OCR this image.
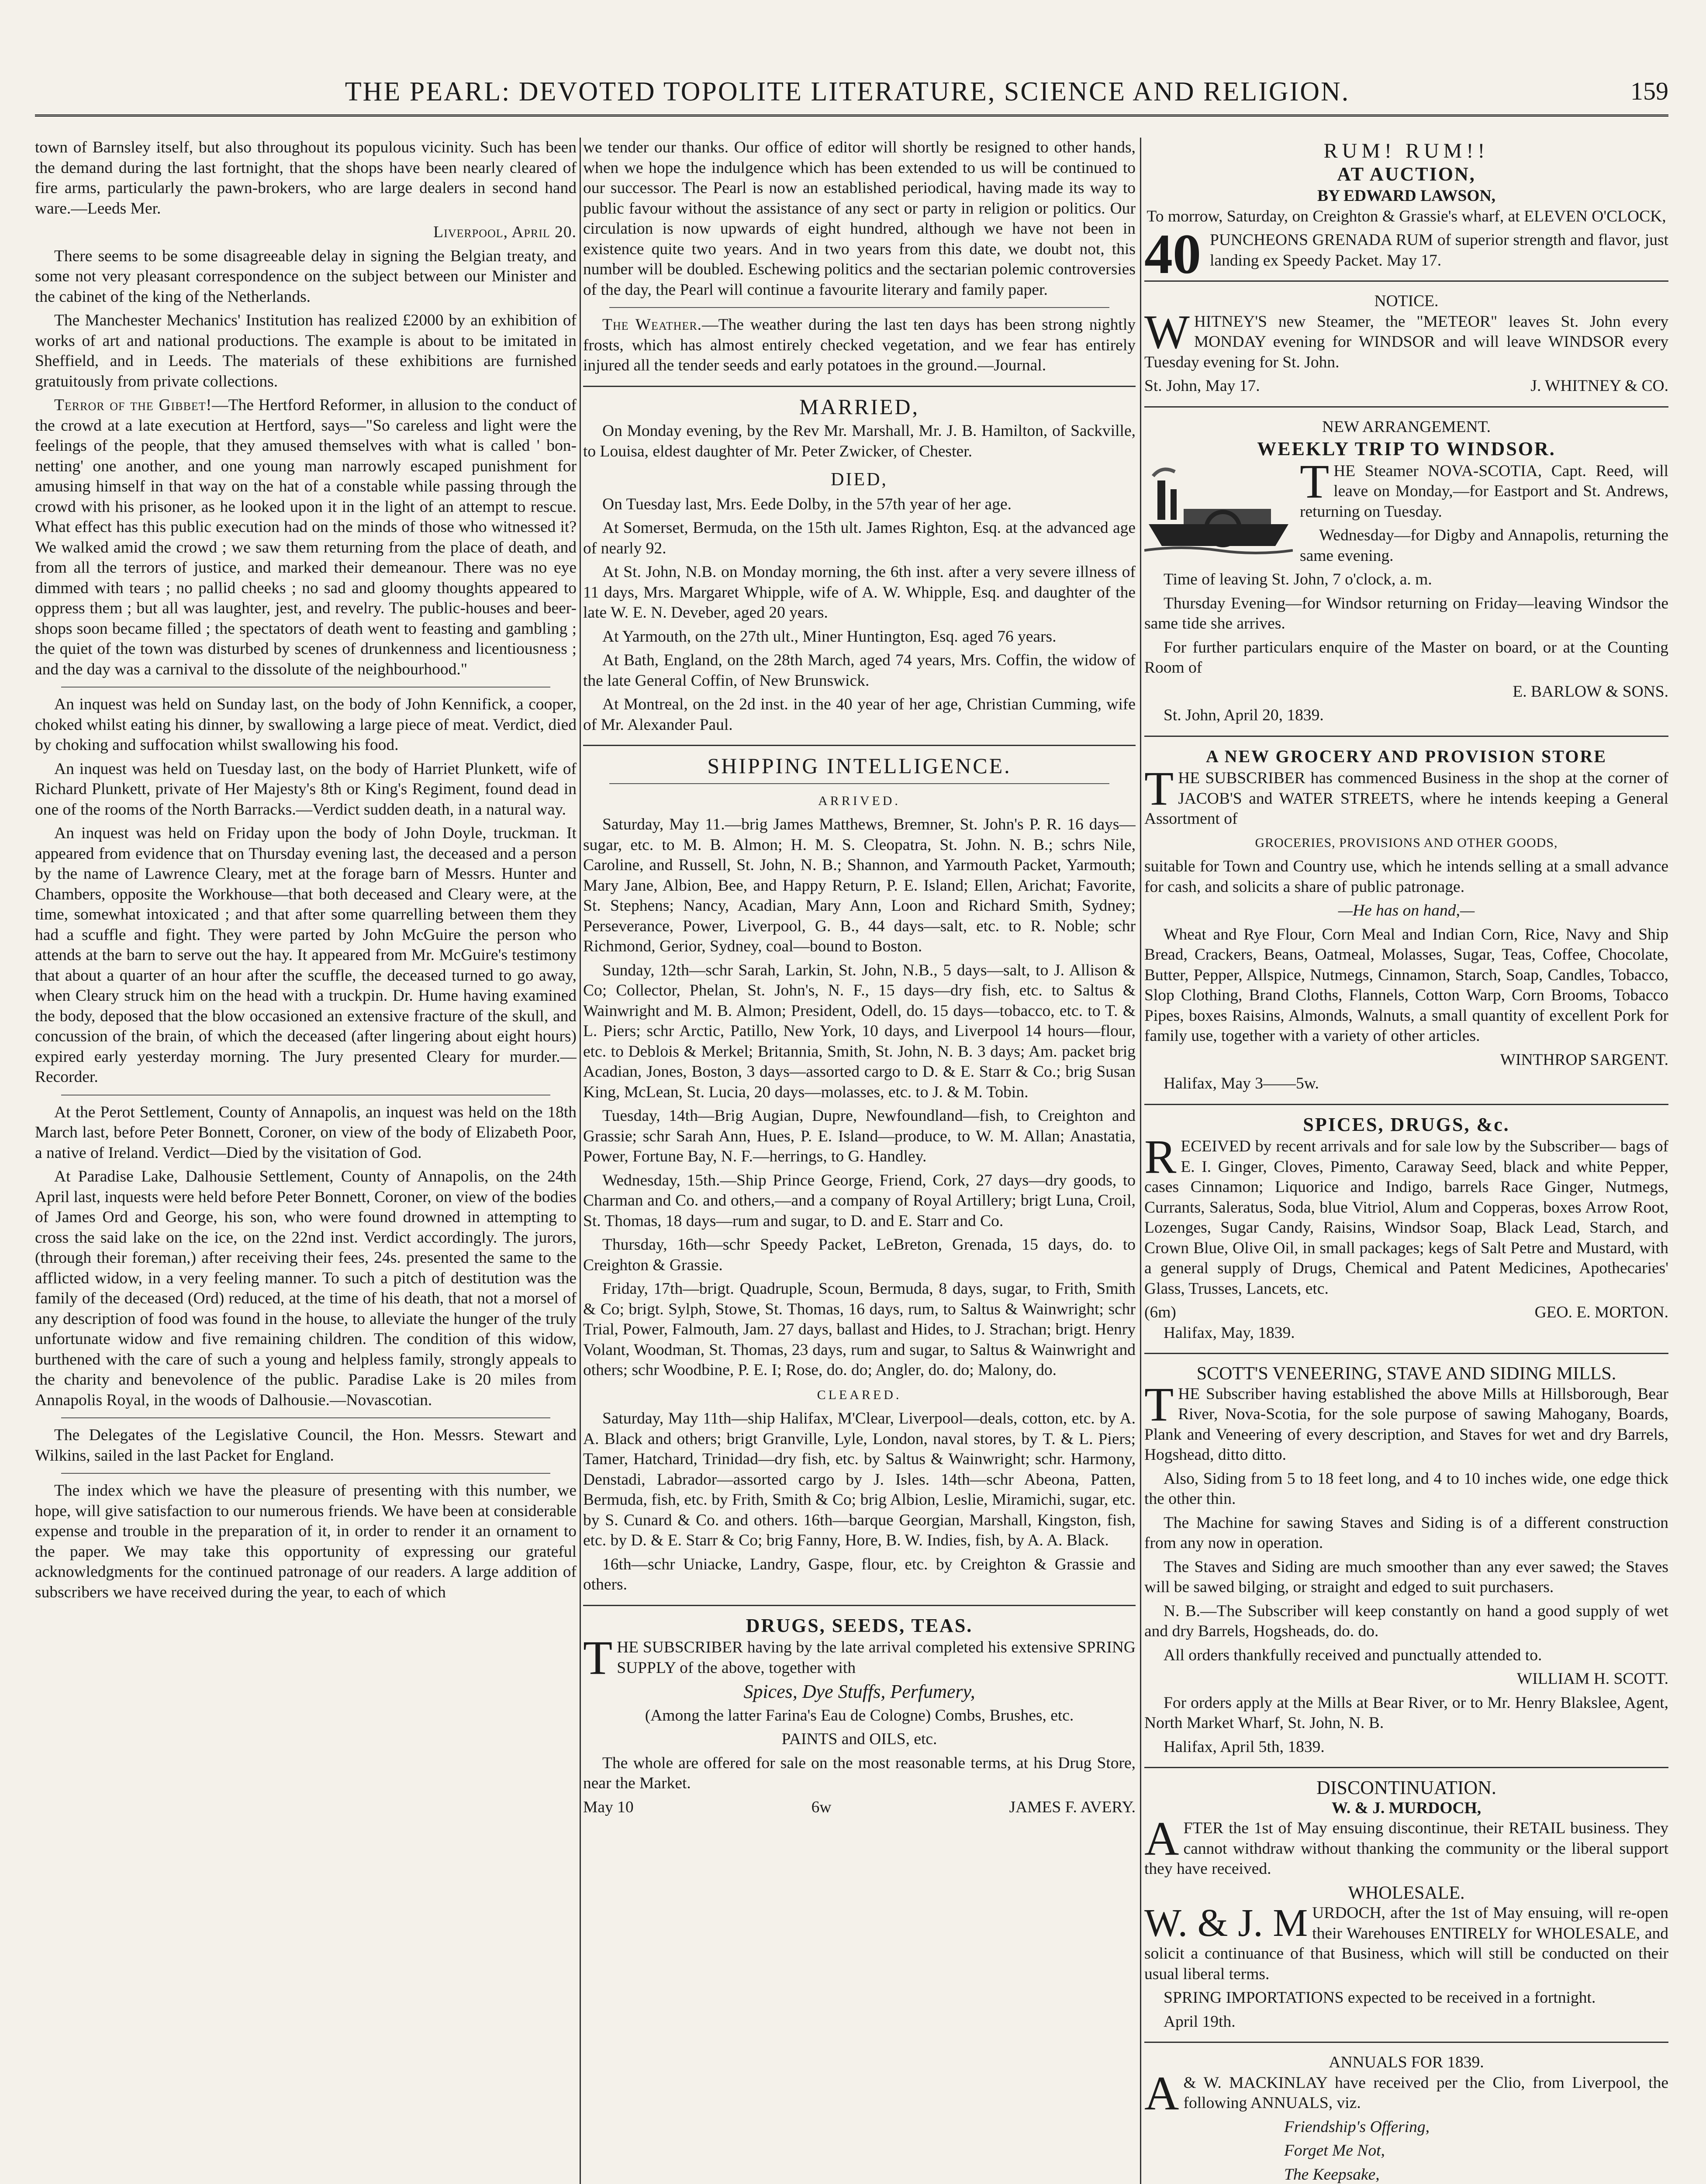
THE PEARL: DEVOTED TOPOLITE LITERATURE, SCIENCE AND RELIGION.	159

town of Barnsley itself, but also throughout its populous vicinity. Such has been the demand during the last fortnight, that the shops have been nearly cleared of fire arms, particularly the pawn-brokers, who are large dealers in second hand ware.—Leeds Mer.

Liverpool, April 20.

There seems to be some disagreeable delay in signing the Belgian treaty, and some not very pleasant correspondence on the subject between our Minister and the cabinet of the king of the Netherlands.

The Manchester Mechanics' Institution has realized £2000 by an exhibition of works of art and national productions. The example is about to be imitated in Sheffield, and in Leeds. The materials of these exhibitions are furnished gratuitously from private collections.

Terror of the Gibbet!—The Hertford Reformer, in allusion to the conduct of the crowd at a late execution at Hertford, says—"So careless and light were the feelings of the people, that they amused themselves with what is called ' bon-netting' one another, and one young man narrowly escaped punishment for amusing himself in that way on the hat of a constable while passing through the crowd with his prisoner, as he looked upon it in the light of an attempt to rescue. What effect has this public execution had on the minds of those who witnessed it? We walked amid the crowd ; we saw them returning from the place of death, and from all the terrors of justice, and marked their demeanour. There was no eye dimmed with tears ; no pallid cheeks ; no sad and gloomy thoughts appeared to oppress them ; but all was laughter, jest, and revelry. The public-houses and beer-shops soon became filled ; the spectators of death went to feasting and gambling ; the quiet of the town was disturbed by scenes of drunkenness and licentiousness ; and the day was a carnival to the dissolute of the neighbourhood."

An inquest was held on Sunday last, on the body of John Kennifick, a cooper, choked whilst eating his dinner, by swallowing a large piece of meat. Verdict, died by choking and suffocation whilst swallowing his food.

An inquest was held on Tuesday last, on the body of Harriet Plunkett, wife of Richard Plunkett, private of Her Majesty's 8th or King's Regiment, found dead in one of the rooms of the North Barracks.—Verdict sudden death, in a natural way.

An inquest was held on Friday upon the body of John Doyle, truckman. It appeared from evidence that on Thursday evening last, the deceased and a person by the name of Lawrence Cleary, met at the forage barn of Messrs. Hunter and Chambers, opposite the Workhouse—that both deceased and Cleary were, at the time, somewhat intoxicated ; and that after some quarrelling between them they had a scuffle and fight. They were parted by John McGuire the person who attends at the barn to serve out the hay. It appeared from Mr. McGuire's testimony that about a quarter of an hour after the scuffle, the deceased turned to go away, when Cleary struck him on the head with a truckpin. Dr. Hume having examined the body, deposed that the blow occasioned an extensive fracture of the skull, and concussion of the brain, of which the deceased (after lingering about eight hours) expired early yesterday morning. The Jury presented Cleary for murder.—Recorder.

At the Perot Settlement, County of Annapolis, an inquest was held on the 18th March last, before Peter Bonnett, Coroner, on view of the body of Elizabeth Poor, a native of Ireland. Verdict—Died by the visitation of God.

At Paradise Lake, Dalhousie Settlement, County of Annapolis, on the 24th April last, inquests were held before Peter Bonnett, Coroner, on view of the bodies of James Ord and George, his son, who were found drowned in attempting to cross the said lake on the ice, on the 22nd inst. Verdict accordingly. The jurors, (through their foreman,) after receiving their fees, 24s. presented the same to the afflicted widow, in a very feeling manner. To such a pitch of destitution was the family of the deceased (Ord) reduced, at the time of his death, that not a morsel of any description of food was found in the house, to alleviate the hunger of the truly unfortunate widow and five remaining children. The condition of this widow, burthened with the care of such a young and helpless family, strongly appeals to the charity and benevolence of the public. Paradise Lake is 20 miles from Annapolis Royal, in the woods of Dalhousie.—Novascotian.

The Delegates of the Legislative Council, the Hon. Messrs. Stewart and Wilkins, sailed in the last Packet for England.

The index which we have the pleasure of presenting with this number, we hope, will give satisfaction to our numerous friends. We have been at considerable expense and trouble in the preparation of it, in order to render it an ornament to the paper. We may take this opportunity of expressing our grateful acknowledgments for the continued patronage of our readers. A large addition of subscribers we have received during the year, to each of which

we tender our thanks. Our office of editor will shortly be resigned to other hands, when we hope the indulgence which has been extended to us will be continued to our successor. The Pearl is now an established periodical, having made its way to public favour without the assistance of any sect or party in religion or politics. Our circulation is now upwards of eight hundred, although we have not been in existence quite two years. And in two years from this date, we doubt not, this number will be doubled. Eschewing politics and the sectarian polemic controversies of the day, the Pearl will continue a favourite literary and family paper.

The Weather.—The weather during the last ten days has been strong nightly frosts, which has almost entirely checked vegetation, and we fear has entirely injured all the tender seeds and early potatoes in the ground.—Journal.

MARRIED,

On Monday evening, by the Rev Mr. Marshall, Mr. J. B. Hamilton, of Sackville, to Louisa, eldest daughter of Mr. Peter Zwicker, of Chester.

DIED,

On Tuesday last, Mrs. Eede Dolby, in the 57th year of her age.

At Somerset, Bermuda, on the 15th ult. James Righton, Esq. at the advanced age of nearly 92.

At St. John, N.B. on Monday morning, the 6th inst. after a very severe illness of 11 days, Mrs. Margaret Whipple, wife of A. W. Whipple, Esq. and daughter of the late W. E. N. Deveber, aged 20 years.

At Yarmouth, on the 27th ult., Miner Huntington, Esq. aged 76 years.

At Bath, England, on the 28th March, aged 74 years, Mrs. Coffin, the widow of the late General Coffin, of New Brunswick.

At Montreal, on the 2d inst. in the 40 year of her age, Christian Cumming, wife of Mr. Alexander Paul.

SHIPPING INTELLIGENCE.
ARRIVED.

Saturday, May 11.—brig James Matthews, Bremner, St. John's P. R. 16 days—sugar, etc. to M. B. Almon; H. M. S. Cleopatra, St. John. N. B.; schrs Nile, Caroline, and Russell, St. John, N. B.; Shannon, and Yarmouth Packet, Yarmouth; Mary Jane, Albion, Bee, and Happy Return, P. E. Island; Ellen, Arichat; Favorite, St. Stephens; Nancy, Acadian, Mary Ann, Loon and Richard Smith, Sydney; Perseverance, Power, Liverpool, G. B., 44 days—salt, etc. to R. Noble; schr Richmond, Gerior, Sydney, coal—bound to Boston.

Sunday, 12th—schr Sarah, Larkin, St. John, N.B., 5 days—salt, to J. Allison & Co; Collector, Phelan, St. John's, N. F., 15 days—dry fish, etc. to Saltus & Wainwright and M. B. Almon; President, Odell, do. 15 days—tobacco, etc. to T. & L. Piers; schr Arctic, Patillo, New York, 10 days, and Liverpool 14 hours—flour, etc. to Deblois & Merkel; Britannia, Smith, St. John, N. B. 3 days; Am. packet brig Acadian, Jones, Boston, 3 days—assorted cargo to D. & E. Starr & Co.; brig Susan King, McLean, St. Lucia, 20 days—molasses, etc. to J. & M. Tobin.

Tuesday, 14th—Brig Augian, Dupre, Newfoundland—fish, to Creighton and Grassie; schr Sarah Ann, Hues, P. E. Island—produce, to W. M. Allan; Anastatia, Power, Fortune Bay, N. F.—herrings, to G. Handley.

Wednesday, 15th.—Ship Prince George, Friend, Cork, 27 days—dry goods, to Charman and Co. and others,—and a company of Royal Artillery; brigt Luna, Croil, St. Thomas, 18 days—rum and sugar, to D. and E. Starr and Co.

Thursday, 16th—schr Speedy Packet, LeBreton, Grenada, 15 days, do. to Creighton & Grassie.

Friday, 17th—brigt. Quadruple, Scoun, Bermuda, 8 days, sugar, to Frith, Smith & Co; brigt. Sylph, Stowe, St. Thomas, 16 days, rum, to Saltus & Wainwright; schr Trial, Power, Falmouth, Jam. 27 days, ballast and Hides, to J. Strachan; brigt. Henry Volant, Woodman, St. Thomas, 23 days, rum and sugar, to Saltus & Wainwright and others; schr Woodbine, P. E. I; Rose, do. do; Angler, do. do; Malony, do.

CLEARED.

Saturday, May 11th—ship Halifax, M'Clear, Liverpool—deals, cotton, etc. by A. A. Black and others; brigt Granville, Lyle, London, naval stores, by T. & L. Piers; Tamer, Hatchard, Trinidad—dry fish, etc. by Saltus & Wainwright; schr. Harmony, Denstadi, Labrador—assorted cargo by J. Isles. 14th—schr Abeona, Patten, Bermuda, fish, etc. by Frith, Smith & Co; brig Albion, Leslie, Miramichi, sugar, etc. by S. Cunard & Co. and others. 16th—barque Georgian, Marshall, Kingston, fish, etc. by D. & E. Starr & Co; brig Fanny, Hore, B. W. Indies, fish, by A. A. Black.

16th—schr Uniacke, Landry, Gaspe, flour, etc. by Creighton & Grassie and others.

DRUGS, SEEDS, TEAS.

THE SUBSCRIBER having by the late arrival completed his extensive SPRING SUPPLY of the above, together with

Spices, Dye Stuffs, Perfumery,

(Among the latter Farina's Eau de Cologne) Combs, Brushes, etc.

PAINTS and OILS, etc.

The whole are offered for sale on the most reasonable terms, at his Drug Store, near the Market.

May 10	6w	JAMES F. AVERY.
RUM! RUM!!
AT AUCTION,
BY EDWARD LAWSON,

To morrow, Saturday, on Creighton & Grassie's wharf, at ELEVEN O'CLOCK,

40 PUNCHEONS GRENADA RUM of superior strength and flavor, just landing ex Speedy Packet. May 17.

NOTICE.

WHITNEY'S new Steamer, the "METEOR" leaves St. John every MONDAY evening for WINDSOR and will leave WINDSOR every Tuesday evening for St. John.

St. John, May 17.	J. WHITNEY & CO.
NEW ARRANGEMENT.
WEEKLY TRIP TO WINDSOR.

THE Steamer NOVA-SCOTIA, Capt. Reed, will leave on Monday,—for Eastport and St. Andrews, returning on Tuesday.

Wednesday—for Digby and Annapolis, returning the same evening.

Time of leaving St. John, 7 o'clock, a. m.

Thursday Evening—for Windsor returning on Friday—leaving Windsor the same tide she arrives.

For further particulars enquire of the Master on board, or at the Counting Room of

E. BARLOW & SONS.

St. John, April 20, 1839.

A NEW GROCERY AND PROVISION STORE

THE SUBSCRIBER has commenced Business in the shop at the corner of JACOB'S and WATER STREETS, where he intends keeping a General Assortment of

GROCERIES, PROVISIONS AND OTHER GOODS,

suitable for Town and Country use, which he intends selling at a small advance for cash, and solicits a share of public patronage.

—He has on hand,—

Wheat and Rye Flour, Corn Meal and Indian Corn, Rice, Navy and Ship Bread, Crackers, Beans, Oatmeal, Molasses, Sugar, Teas, Coffee, Chocolate, Butter, Pepper, Allspice, Nutmegs, Cinnamon, Starch, Soap, Candles, Tobacco, Slop Clothing, Brand Cloths, Flannels, Cotton Warp, Corn Brooms, Tobacco Pipes, boxes Raisins, Almonds, Walnuts, a small quantity of excellent Pork for family use, together with a variety of other articles.

WINTHROP SARGENT.

Halifax, May 3——5w.

SPICES, DRUGS, &c.

RECEIVED by recent arrivals and for sale low by the Subscriber— bags of E. I. Ginger, Cloves, Pimento, Caraway Seed, black and white Pepper, cases Cinnamon; Liquorice and Indigo, barrels Race Ginger, Nutmegs, Currants, Saleratus, Soda, blue Vitriol, Alum and Copperas, boxes Arrow Root, Lozenges, Sugar Candy, Raisins, Windsor Soap, Black Lead, Starch, and Crown Blue, Olive Oil, in small packages; kegs of Salt Petre and Mustard, with a general supply of Drugs, Chemical and Patent Medicines, Apothecaries' Glass, Trusses, Lancets, etc.

(6m)	GEO. E. MORTON.

Halifax, May, 1839.

SCOTT'S VENEERING, STAVE AND SIDING MILLS.

THE Subscriber having established the above Mills at Hillsborough, Bear River, Nova-Scotia, for the sole purpose of sawing Mahogany, Boards, Plank and Veneering of every description, and Staves for wet and dry Barrels, Hogshead, ditto ditto.

Also, Siding from 5 to 18 feet long, and 4 to 10 inches wide, one edge thick the other thin.

The Machine for sawing Staves and Siding is of a different construction from any now in operation.

The Staves and Siding are much smoother than any ever sawed; the Staves will be sawed bilging, or straight and edged to suit purchasers.

N. B.—The Subscriber will keep constantly on hand a good supply of wet and dry Barrels, Hogsheads, do. do.

All orders thankfully received and punctually attended to.

WILLIAM H. SCOTT.

For orders apply at the Mills at Bear River, or to Mr. Henry Blakslee, Agent, North Market Wharf, St. John, N. B.

Halifax, April 5th, 1839.

DISCONTINUATION.
W. & J. MURDOCH,

AFTER the 1st of May ensuing discontinue, their RETAIL business. They cannot withdraw without thanking the community or the liberal support they have received.

WHOLESALE.

W. & J. M URDOCH, after the 1st of May ensuing, will re-open their Warehouses ENTIRELY for WHOLESALE, and solicit a continuance of that Business, which will still be conducted on their usual liberal terms.

SPRING IMPORTATIONS expected to be received in a fortnight.

April 19th.

ANNUALS FOR 1839.

A & W. MACKINLAY have received per the Clio, from Liverpool, the following ANNUALS, viz.

Friendship's Offering,

Forget Me Not,

The Keepsake,
